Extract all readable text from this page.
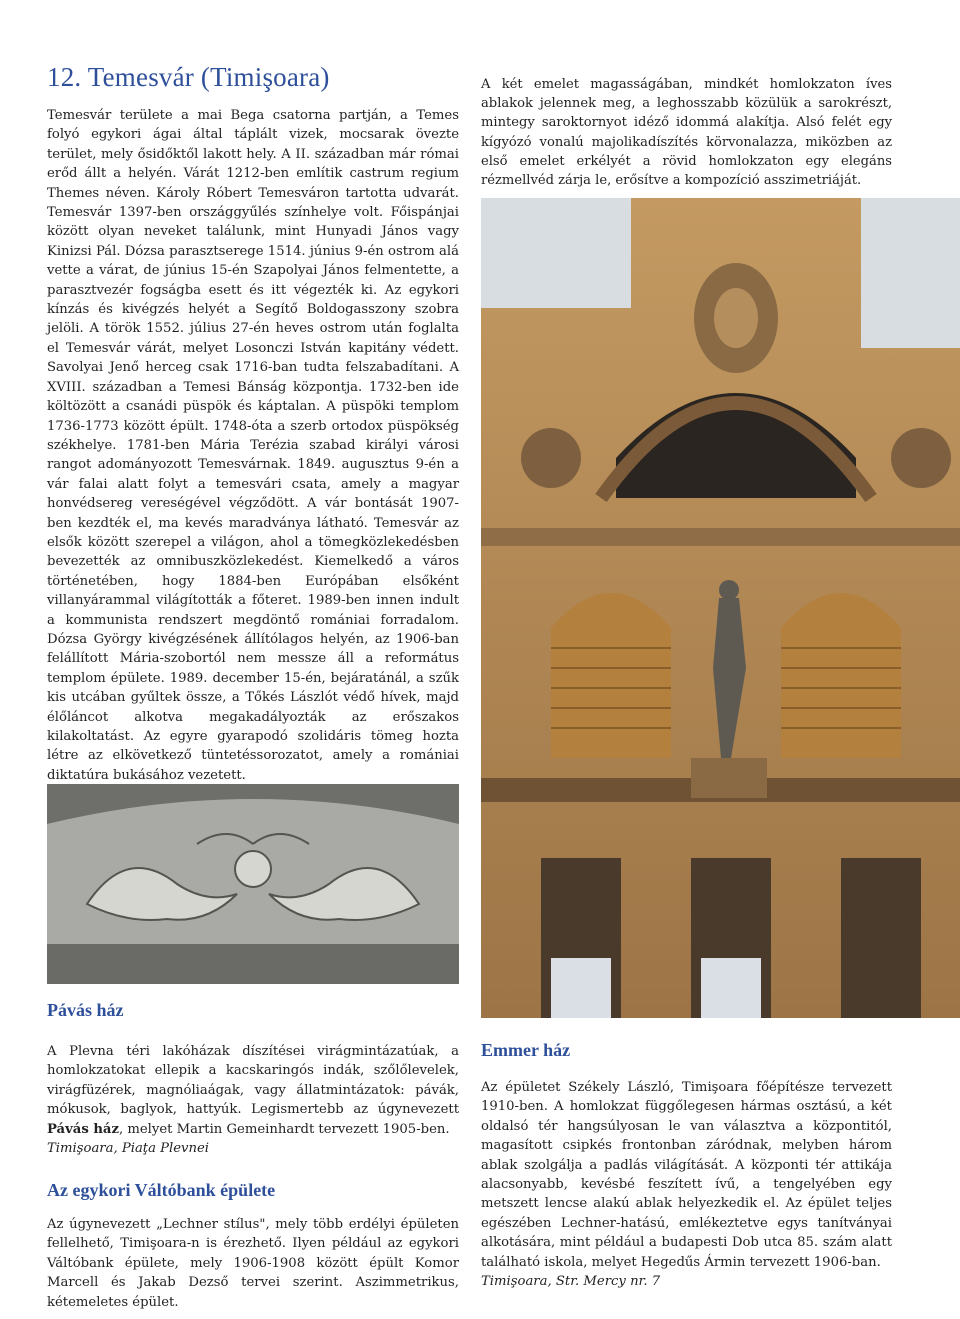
12. Temesvár (Timişoara)

Temesvár területe a mai Bega csatorna partján, a Temes folyó egykori ágai által táplált vizek, mocsarak övezte terület, mely ősidőktől lakott hely. A II. században már római erőd állt a helyén. Várát 1212-ben említik castrum regium Themes néven. Károly Róbert Temesváron tartotta udvarát. Temesvár 1397-ben országgyűlés színhelye volt. Főispánjai között olyan neveket találunk, mint Hunyadi János vagy Kinizsi Pál. Dózsa parasztserege 1514. június 9-én ostrom alá vette a várat, de június 15-én Szapolyai János felmentette, a parasztvezér fogságba esett és itt végezték ki. Az egykori kínzás és kivégzés helyét a Segítő Boldogasszony szobra jelöli. A török 1552. július 27-én heves ostrom után foglalta el Temesvár várát, melyet Losonczi István kapitány védett. Savolyai Jenő herceg csak 1716-ban tudta felszabadítani. A XVIII. században a Temesi Bánság központja. 1732-ben ide költözött a csanádi püspök és káptalan. A püspöki templom 1736-1773 között épült. 1748-óta a szerb ortodox püspökség székhelye. 1781-ben Mária Terézia szabad királyi városi rangot adományozott Temesvárnak. 1849. augusztus 9-én a vár falai alatt folyt a temesvári csata, amely a magyar honvédsereg vereségével végződött. A vár bontását 1907-ben kezdték el, ma kevés maradványa látható. Temesvár az elsők között szerepel a világon, ahol a tömegközlekedésben bevezették az omnibuszközlekedést. Kiemelkedő a város történetében, hogy 1884-ben Európában elsőként villanyárammal világították a főteret. 1989-ben innen indult a kommunista rendszert megdöntő romániai forradalom. Dózsa György kivégzésének állítólagos helyén, az 1906-ban felállított Mária-szobortól nem messze áll a református templom épülete. 1989. december 15-én, bejáratánál, a szűk kis utcában gyűltek össze, a Tőkés Lászlót védő hívek, majd élőláncot alkotva megakadályozták az erőszakos kilakoltatást. Az egyre gyarapodó szolidáris tömeg hozta létre az elkövetkező tüntetéssorozatot, amely a romániai diktatúra bukásához vezetett.

A két emelet magasságában, mindkét homlokzaton íves ablakok jelennek meg, a leghosszabb közülük a sarokrészt, mintegy saroktornyot idéző idommá alakítja. Alsó felét egy kígyózó vonalú majolikadíszítés körvonalazza, miközben az első emelet erkélyét a rövid homlokzaton egy elegáns rézmellvéd zárja le, erősítve a kompozíció asszimetriáját.

Pávás ház

A Plevna téri lakóházak díszítései virágmintázatúak, a homlokzatokat ellepik a kacskaringós indák, szőlőlevelek, virágfüzérek, magnóliaágak, vagy állatmintázatok: pávák, mókusok, baglyok, hattyúk. Legismertebb az úgynevezett Pávás ház, melyet Martin Gemeinhardt tervezett 1905-ben.
Timişoara, Piaţa Plevnei

Az egykori Váltóbank épülete

Az úgynevezett „Lechner stílus", mely több erdélyi épületen fellelhető, Timişoara-n is érezhető. Ilyen például az egykori Váltóbank épülete, mely 1906-1908 között épült Komor Marcell és Jakab Dezső tervei szerint. Aszimmetrikus, kétemeletes épület.

Emmer ház

Az épületet Székely László, Timişoara főépítésze tervezett 1910-ben. A homlokzat függőlegesen hármas osztású, a két oldalsó tér hangsúlyosan le van választva a központitól, magasított csipkés frontonban záródnak, melyben három ablak szolgálja a padlás világítását. A központi tér attikája alacsonyabb, kevésbé feszített ívű, a tengelyében egy metszett lencse alakú ablak helyezkedik el. Az épület teljes egészében Lechner-hatású, emlékeztetve egys tanítványai alkotására, mint például a budapesti Dob utca 85. szám alatt található iskola, melyet Hegedűs Ármin tervezett 1906-ban.
Timişoara, Str. Mercy nr. 7
